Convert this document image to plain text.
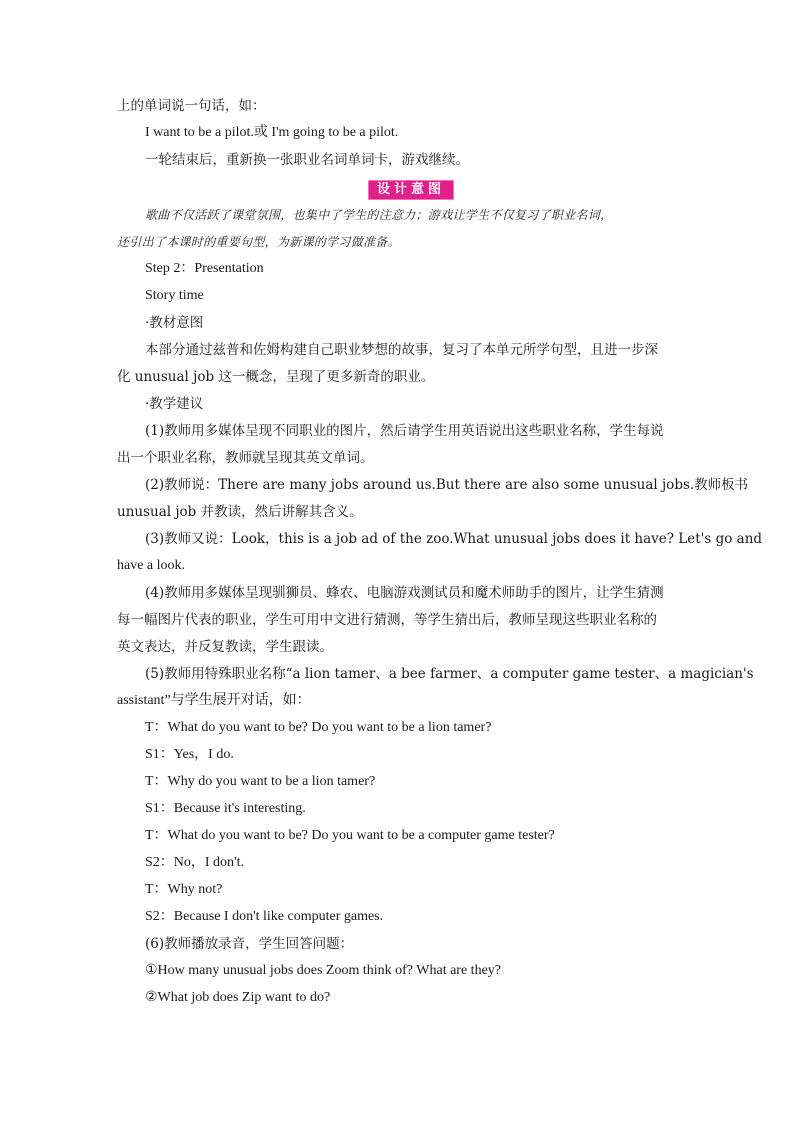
上的单词说一句话，如：
I want to be a pilot.或 I'm going to be a pilot.
一轮结束后，重新换一张职业名词单词卡，游戏继续。
设计意图
歌曲不仅活跃了课堂氛围，也集中了学生的注意力；游戏让学生不仅复习了职业名词，
还引出了本课时的重要句型，为新课的学习做准备。
Step 2：Presentation
Story time
·教材意图
本部分通过兹普和佐姆构建自己职业梦想的故事，复习了本单元所学句型，且进一步深
化 unusual job 这一概念，呈现了更多新奇的职业。
·教学建议
(1)教师用多媒体呈现不同职业的图片，然后请学生用英语说出这些职业名称，学生每说
出一个职业名称，教师就呈现其英文单词。
(2)教师说：There are many jobs around us.But there are also some unusual jobs.教师板书
unusual job 并教读，然后讲解其含义。
(3)教师又说：Look，this is a job ad of the zoo.What unusual jobs does it have? Let's go and
have a look.
(4)教师用多媒体呈现驯狮员、蜂农、电脑游戏测试员和魔术师助手的图片，让学生猜测
每一幅图片代表的职业，学生可用中文进行猜测，等学生猜出后，教师呈现这些职业名称的
英文表达，并反复教读，学生跟读。
(5)教师用特殊职业名称“a lion tamer、a bee farmer、a computer game tester、a magician's
assistant”与学生展开对话，如：
T：What do you want to be? Do you want to be a lion tamer?
S1：Yes，I do.
T：Why do you want to be a lion tamer?
S1：Because it's interesting.
T：What do you want to be? Do you want to be a computer game tester?
S2：No，I don't.
T：Why not?
S2：Because I don't like computer games.
(6)教师播放录音，学生回答问题：
①How many unusual jobs does Zoom think of? What are they?
②What job does Zip want to do?
